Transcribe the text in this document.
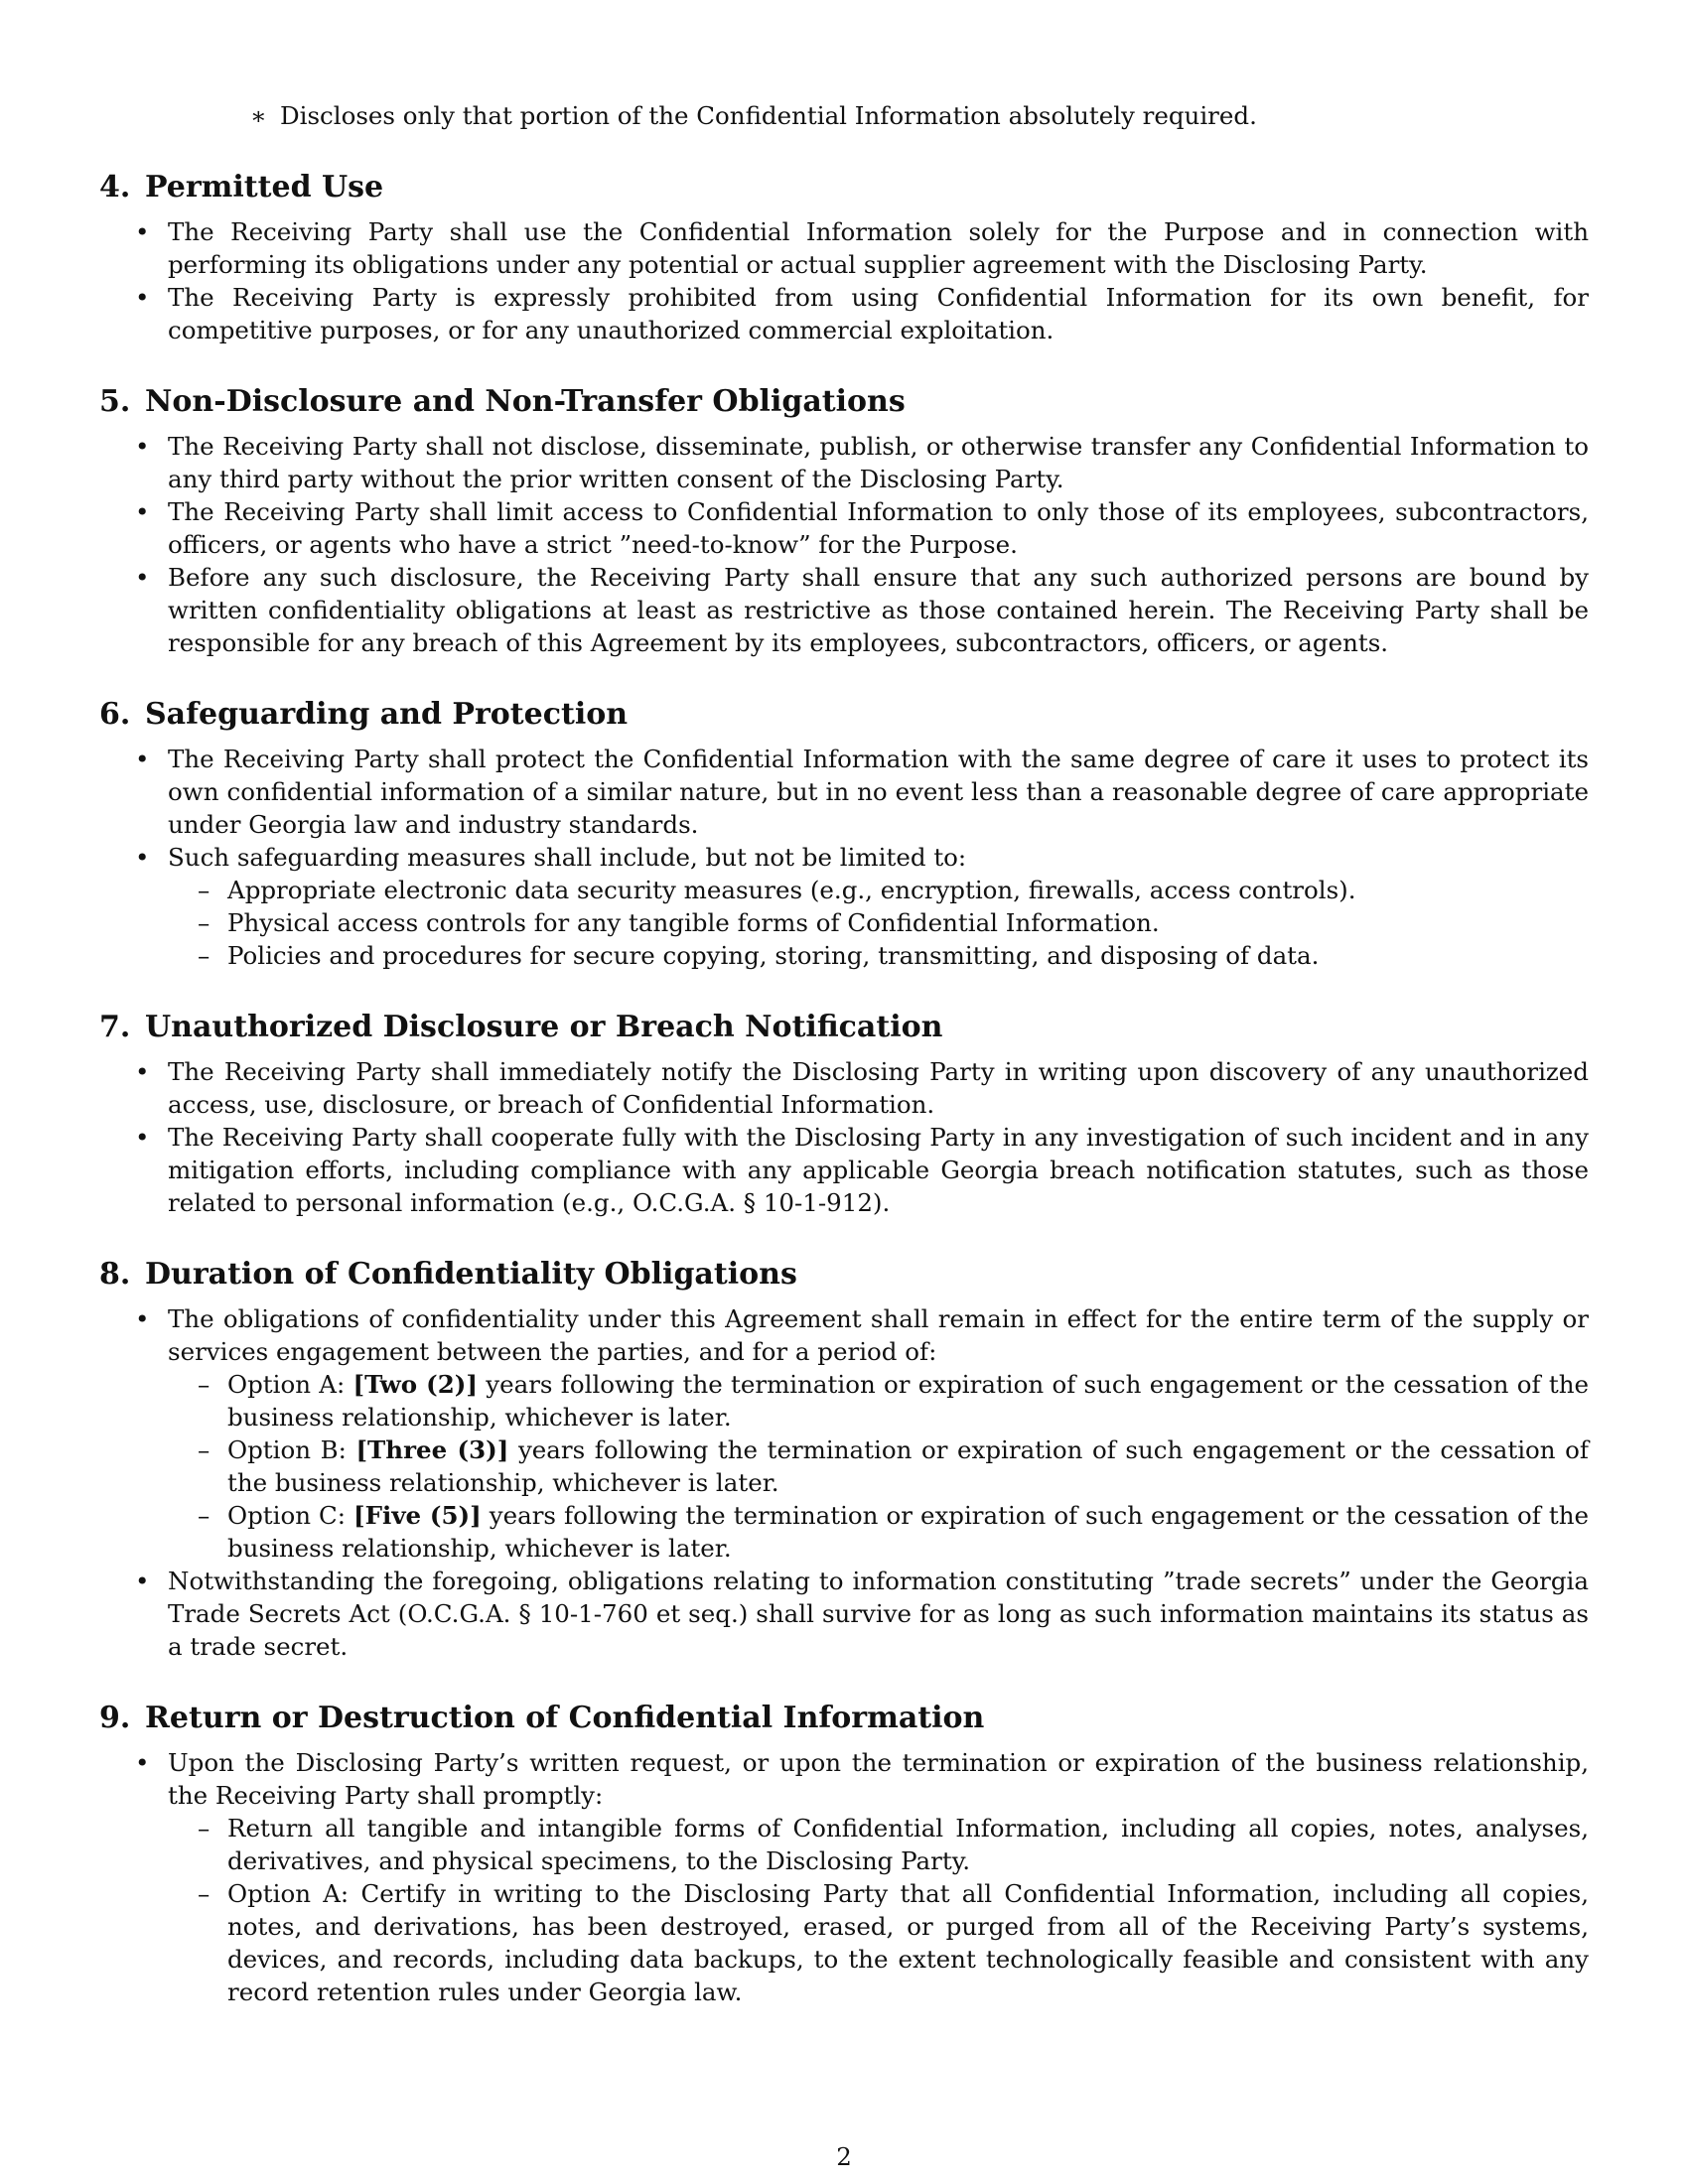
∗ Discloses only that portion of the Confidential Information absolutely required.
4. Permitted Use
• The Receiving Party shall use the Confidential Information solely for the Purpose and in connection with performing its obligations under any potential or actual supplier agreement with the Disclosing Party.
• The Receiving Party is expressly prohibited from using Confidential Information for its own benefit, for competitive purposes, or for any unauthorized commercial exploitation.
5. Non-Disclosure and Non-Transfer Obligations
• The Receiving Party shall not disclose, disseminate, publish, or otherwise transfer any Confidential Information to any third party without the prior written consent of the Disclosing Party.
• The Receiving Party shall limit access to Confidential Information to only those of its employees, subcontractors, officers, or agents who have a strict ”need-to-know” for the Purpose.
• Before any such disclosure, the Receiving Party shall ensure that any such authorized persons are bound by written confidentiality obligations at least as restrictive as those contained herein. The Receiving Party shall be responsible for any breach of this Agreement by its employees, subcontractors, officers, or agents.
6. Safeguarding and Protection
• The Receiving Party shall protect the Confidential Information with the same degree of care it uses to protect its own confidential information of a similar nature, but in no event less than a reasonable degree of care appropriate under Georgia law and industry standards.
• Such safeguarding measures shall include, but not be limited to:
– Appropriate electronic data security measures (e.g., encryption, firewalls, access controls).
– Physical access controls for any tangible forms of Confidential Information.
– Policies and procedures for secure copying, storing, transmitting, and disposing of data.
7. Unauthorized Disclosure or Breach Notification
• The Receiving Party shall immediately notify the Disclosing Party in writing upon discovery of any unauthorized access, use, disclosure, or breach of Confidential Information.
• The Receiving Party shall cooperate fully with the Disclosing Party in any investigation of such incident and in any mitigation efforts, including compliance with any applicable Georgia breach notification statutes, such as those related to personal information (e.g., O.C.G.A. § 10-1-912).
8. Duration of Confidentiality Obligations
• The obligations of confidentiality under this Agreement shall remain in effect for the entire term of the supply or services engagement between the parties, and for a period of:
– Option A: [Two (2)] years following the termination or expiration of such engagement or the cessation of the business relationship, whichever is later.
– Option B: [Three (3)] years following the termination or expiration of such engagement or the cessation of the business relationship, whichever is later.
– Option C: [Five (5)] years following the termination or expiration of such engagement or the cessation of the business relationship, whichever is later.
• Notwithstanding the foregoing, obligations relating to information constituting ”trade secrets” under the Georgia Trade Secrets Act (O.C.G.A. § 10-1-760 et seq.) shall survive for as long as such information maintains its status as a trade secret.
9. Return or Destruction of Confidential Information
• Upon the Disclosing Party’s written request, or upon the termination or expiration of the business relationship, the Receiving Party shall promptly:
– Return all tangible and intangible forms of Confidential Information, including all copies, notes, analyses, derivatives, and physical specimens, to the Disclosing Party.
– Option A: Certify in writing to the Disclosing Party that all Confidential Information, including all copies, notes, and derivations, has been destroyed, erased, or purged from all of the Receiving Party’s systems, devices, and records, including data backups, to the extent technologically feasible and consistent with any record retention rules under Georgia law.
2
